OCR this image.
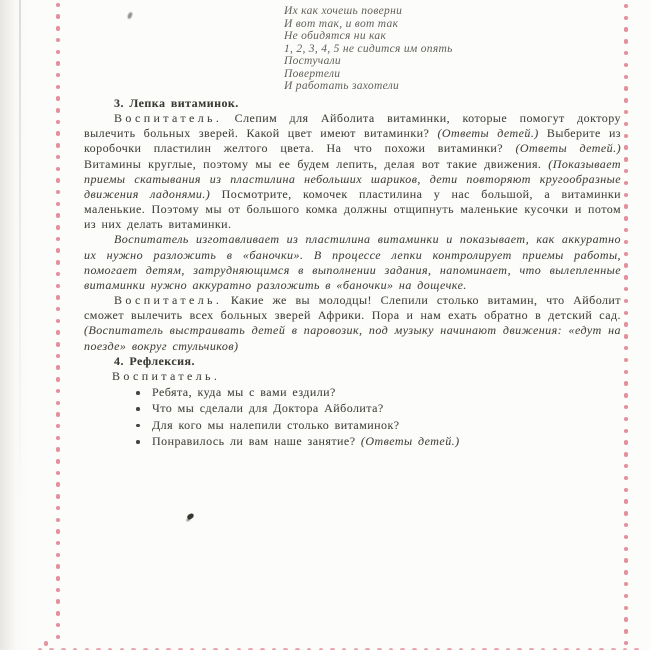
Их как хочешь поверни
И вот так, и вот так
Не обидятся ни как
1, 2, 3, 4, 5 не сидится им опять
Постучали
Повертели
И работать захотели

3. Лепка витаминок.

Воспитатель. Слепим для Айболита витаминки, которые помогут доктору вылечить больных зверей. Какой цвет имеют витаминки? (Ответы детей.) Выберите из коробочки пластилин желтого цвета. На что похожи витаминки? (Ответы детей.) Витамины круглые, поэтому мы ее будем лепить, делая вот такие движения. (Показывает приемы скатывания из пластилина небольших шариков, дети повторяют кругообразные движения ладонями.) Посмотрите, комочек пластилина у нас большой, а витаминки маленькие. Поэтому мы от большого комка должны отщипнуть маленькие кусочки и потом из них делать витаминки.

Воспитатель изготавливает из пластилина витаминки и показывает, как аккуратно их нужно разложить в «баночки». В процессе лепки контролирует приемы работы, помогает детям, затрудняющимся в выполнении задания, напоминает, что вылепленные витаминки нужно аккуратно разложить в «баночки» на дощечке.

Воспитатель. Какие же вы молодцы! Слепили столько витамин, что Айболит сможет вылечить всех больных зверей Африки. Пора и нам ехать обратно в детский сад. (Воспитатель выстраивать детей в паровозик, под музыку начинают движения: «едут на поезде» вокруг стульчиков)

4. Рефлексия.

Воспитатель.

Ребята, куда мы с вами ездили?
Что мы сделали для Доктора Айболита?
Для кого мы налепили столько витаминок?
Понравилось ли вам наше занятие? (Ответы детей.)
